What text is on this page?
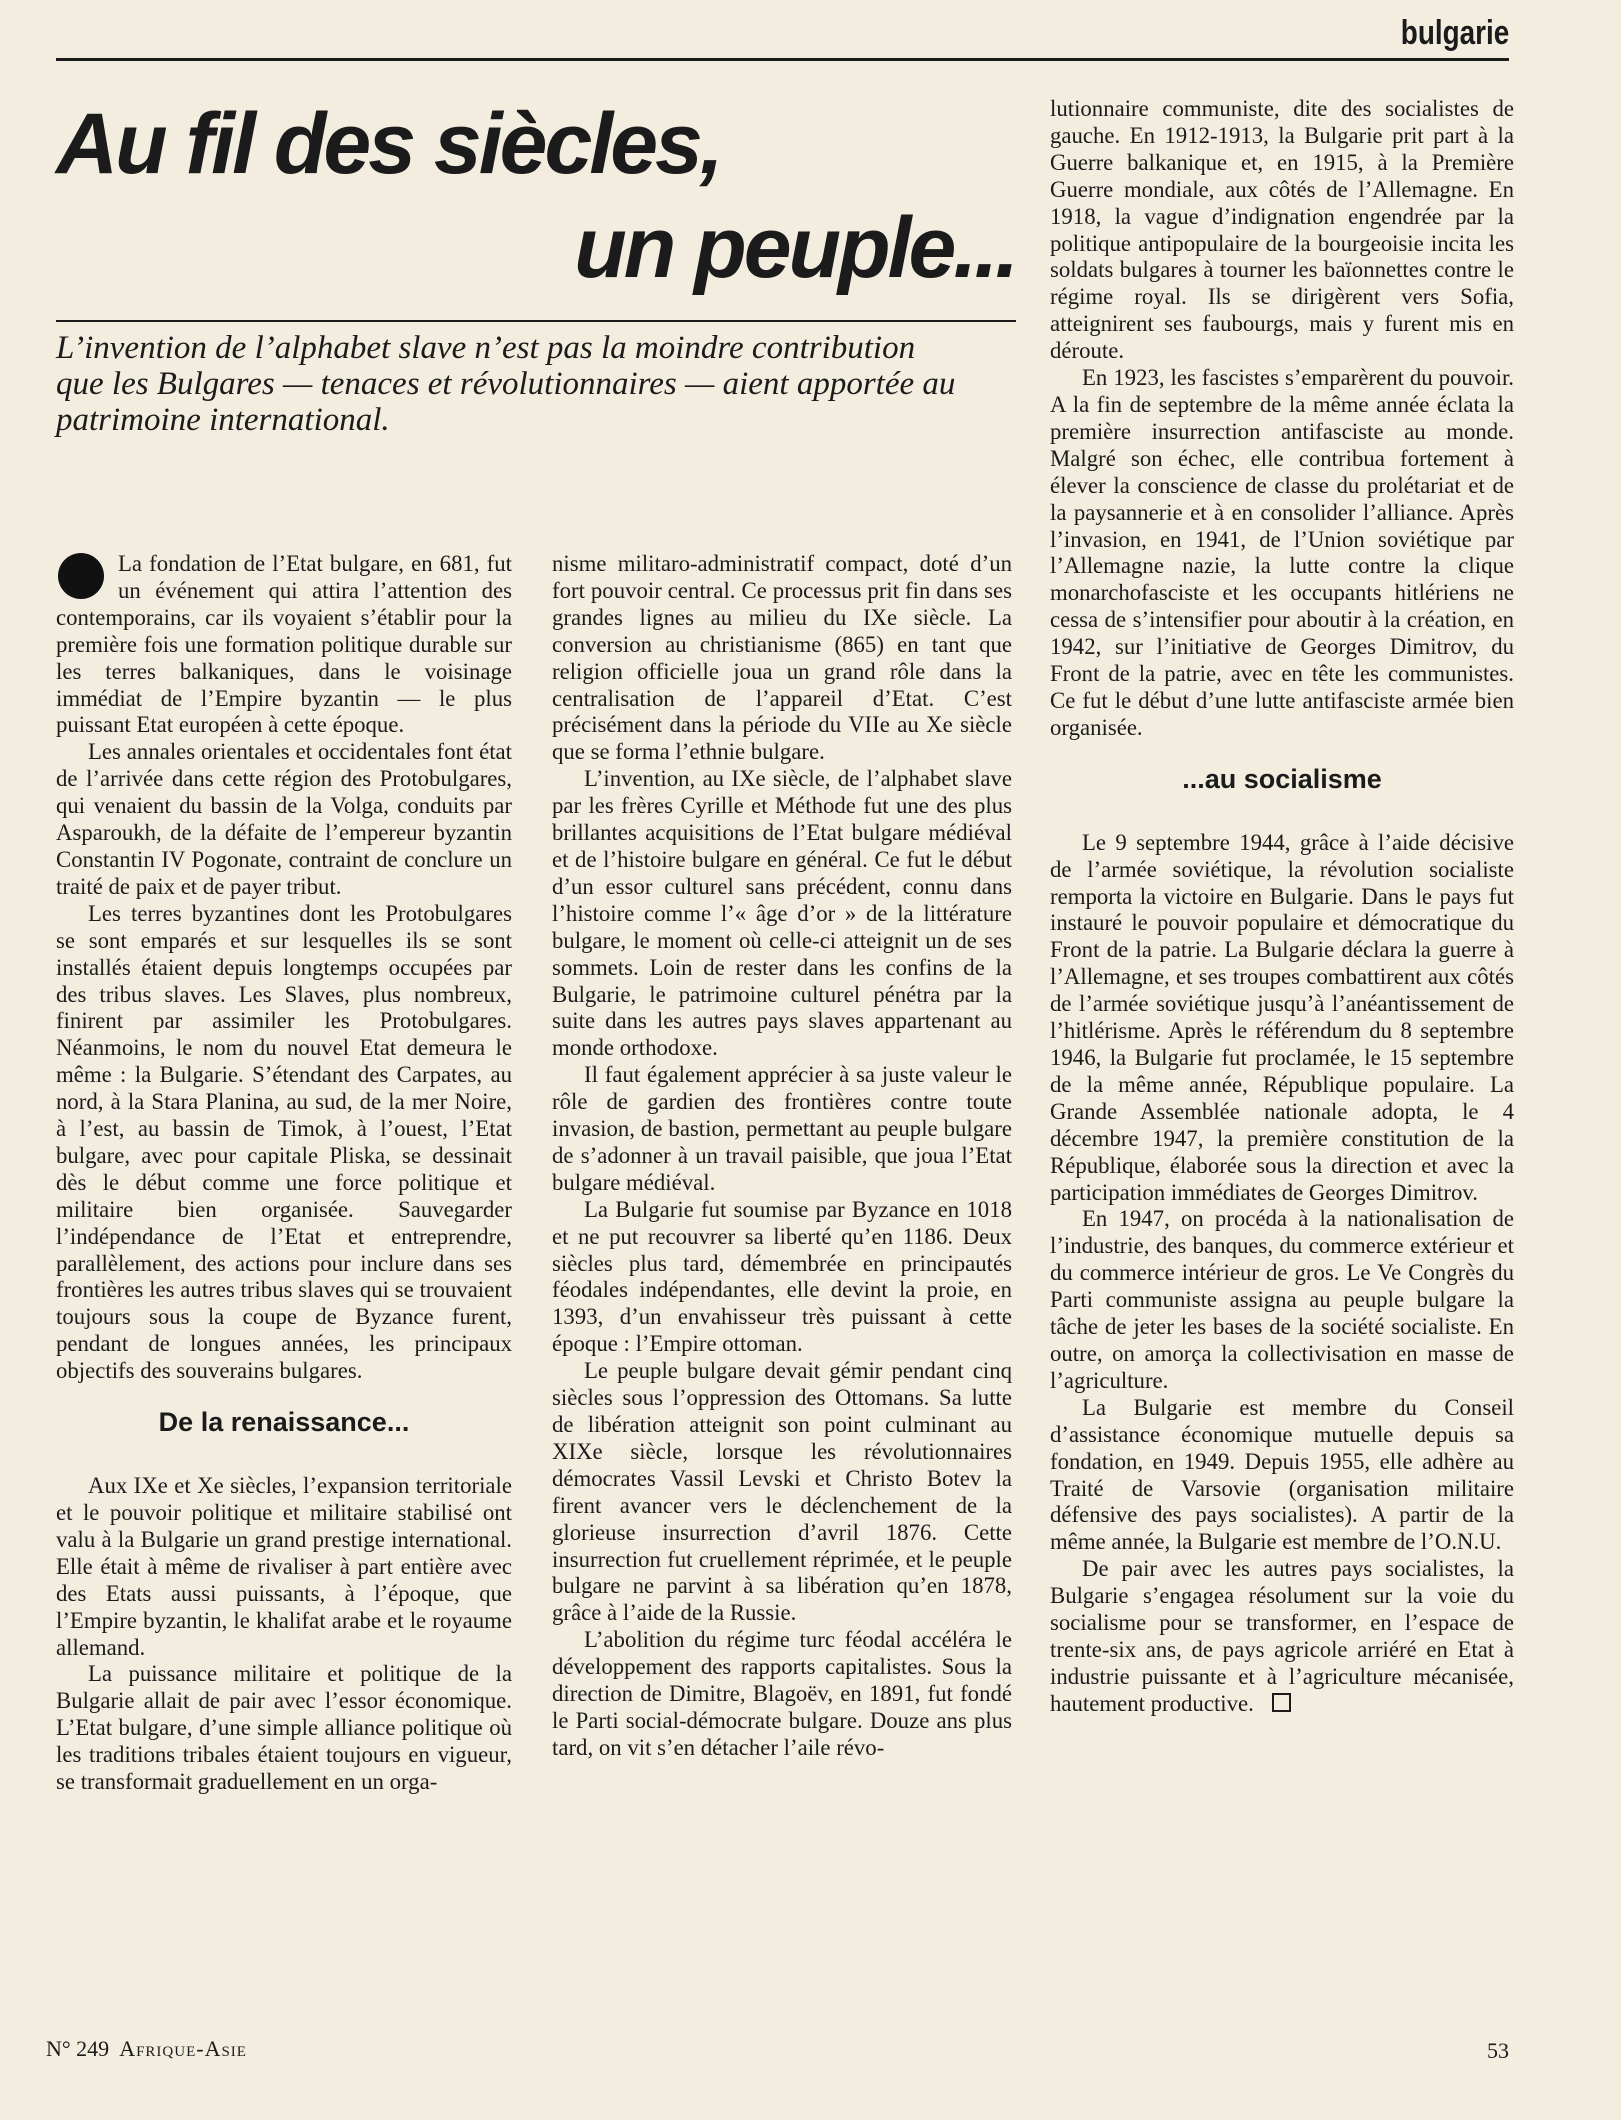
bulgarie
Au fil des siècles,
un peuple...

L’invention de l’alphabet slave n’est pas la moindre contribution que les Bulgares — tenaces et révolutionnaires — aient apportée au patrimoine international.

La fondation de l’Etat bulgare, en 681, fut un événement qui attira l’attention des contemporains, car ils voyaient s’établir pour la première fois une formation politique durable sur les terres balkaniques, dans le voisinage immédiat de l’Empire byzantin — le plus puissant Etat européen à cette époque.

Les annales orientales et occidentales font état de l’arrivée dans cette région des Protobulgares, qui venaient du bassin de la Volga, conduits par Asparoukh, de la défaite de l’empereur byzantin Constantin IV Pogonate, contraint de conclure un traité de paix et de payer tribut.

Les terres byzantines dont les Protobulgares se sont emparés et sur lesquelles ils se sont installés étaient depuis longtemps occupées par des tribus slaves. Les Slaves, plus nombreux, finirent par assimiler les Protobulgares. Néanmoins, le nom du nouvel Etat demeura le même : la Bulgarie. S’étendant des Carpates, au nord, à la Stara Planina, au sud, de la mer Noire, à l’est, au bassin de Timok, à l’ouest, l’Etat bulgare, avec pour capitale Pliska, se dessinait dès le début comme une force politique et militaire bien organisée. Sauvegarder l’indépendance de l’Etat et entreprendre, parallèlement, des actions pour inclure dans ses frontières les autres tribus slaves qui se trouvaient toujours sous la coupe de Byzance furent, pendant de longues années, les principaux objectifs des souverains bulgares.

De la renaissance...

Aux IXe et Xe siècles, l’expansion territoriale et le pouvoir politique et militaire stabilisé ont valu à la Bulgarie un grand prestige international. Elle était à même de rivaliser à part entière avec des Etats aussi puissants, à l’époque, que l’Empire byzantin, le khalifat arabe et le royaume allemand.

La puissance militaire et politique de la Bulgarie allait de pair avec l’essor économique. L’Etat bulgare, d’une simple alliance politique où les traditions tribales étaient toujours en vigueur, se transformait graduellement en un orga-

nisme militaro-administratif compact, doté d’un fort pouvoir central. Ce processus prit fin dans ses grandes lignes au milieu du IXe siècle. La conversion au christianisme (865) en tant que religion officielle joua un grand rôle dans la centralisation de l’appareil d’Etat. C’est précisément dans la période du VIIe au Xe siècle que se forma l’ethnie bulgare.

L’invention, au IXe siècle, de l’alphabet slave par les frères Cyrille et Méthode fut une des plus brillantes acquisitions de l’Etat bulgare médiéval et de l’histoire bulgare en général. Ce fut le début d’un essor culturel sans précédent, connu dans l’histoire comme l’« âge d’or » de la littérature bulgare, le moment où celle-ci atteignit un de ses sommets. Loin de rester dans les confins de la Bulgarie, le patrimoine culturel pénétra par la suite dans les autres pays slaves appartenant au monde orthodoxe.

Il faut également apprécier à sa juste valeur le rôle de gardien des frontières contre toute invasion, de bastion, permettant au peuple bulgare de s’adonner à un travail paisible, que joua l’Etat bulgare médiéval.

La Bulgarie fut soumise par Byzance en 1018 et ne put recouvrer sa liberté qu’en 1186. Deux siècles plus tard, démembrée en principautés féodales indépendantes, elle devint la proie, en 1393, d’un envahisseur très puissant à cette époque : l’Empire ottoman.

Le peuple bulgare devait gémir pendant cinq siècles sous l’oppression des Ottomans. Sa lutte de libération atteignit son point culminant au XIXe siècle, lorsque les révolutionnaires démocrates Vassil Levski et Christo Botev la firent avancer vers le déclenchement de la glorieuse insurrection d’avril 1876. Cette insurrection fut cruellement réprimée, et le peuple bulgare ne parvint à sa libération qu’en 1878, grâce à l’aide de la Russie.

L’abolition du régime turc féodal accéléra le développement des rapports capitalistes. Sous la direction de Dimitre, Blagoëv, en 1891, fut fondé le Parti social-démocrate bulgare. Douze ans plus tard, on vit s’en détacher l’aile révo-

lutionnaire communiste, dite des socialistes de gauche. En 1912-1913, la Bulgarie prit part à la Guerre balkanique et, en 1915, à la Première Guerre mondiale, aux côtés de l’Allemagne. En 1918, la vague d’indignation engendrée par la politique antipopulaire de la bourgeoisie incita les soldats bulgares à tourner les baïonnettes contre le régime royal. Ils se dirigèrent vers Sofia, atteignirent ses faubourgs, mais y furent mis en déroute.

En 1923, les fascistes s’emparèrent du pouvoir. A la fin de septembre de la même année éclata la première insurrection antifasciste au monde. Malgré son échec, elle contribua fortement à élever la conscience de classe du prolétariat et de la paysannerie et à en consolider l’alliance. Après l’invasion, en 1941, de l’Union soviétique par l’Allemagne nazie, la lutte contre la clique monarchofasciste et les occupants hitlériens ne cessa de s’intensifier pour aboutir à la création, en 1942, sur l’initiative de Georges Dimitrov, du Front de la patrie, avec en tête les communistes. Ce fut le début d’une lutte antifasciste armée bien organisée.

...au socialisme

Le 9 septembre 1944, grâce à l’aide décisive de l’armée soviétique, la révolution socialiste remporta la victoire en Bulgarie. Dans le pays fut instauré le pouvoir populaire et démocratique du Front de la patrie. La Bulgarie déclara la guerre à l’Allemagne, et ses troupes combattirent aux côtés de l’armée soviétique jusqu’à l’anéantissement de l’hitlérisme. Après le référendum du 8 septembre 1946, la Bulgarie fut proclamée, le 15 septembre de la même année, République populaire. La Grande Assemblée nationale adopta, le 4 décembre 1947, la première constitution de la République, élaborée sous la direction et avec la participation immédiates de Georges Dimitrov.

En 1947, on procéda à la nationalisation de l’industrie, des banques, du commerce extérieur et du commerce intérieur de gros. Le Ve Congrès du Parti communiste assigna au peuple bulgare la tâche de jeter les bases de la société socialiste. En outre, on amorça la collectivisation en masse de l’agriculture.

La Bulgarie est membre du Conseil d’assistance économique mutuelle depuis sa fondation, en 1949. Depuis 1955, elle adhère au Traité de Varsovie (organisation militaire défensive des pays socialistes). A partir de la même année, la Bulgarie est membre de l’O.N.U.

De pair avec les autres pays socialistes, la Bulgarie s’engagea résolument sur la voie du socialisme pour se transformer, en l’espace de trente-six ans, de pays agricole arriéré en Etat à industrie puissante et à l’agriculture mécanisée, hautement productive.

N° 249 Afrique-Asie	53
